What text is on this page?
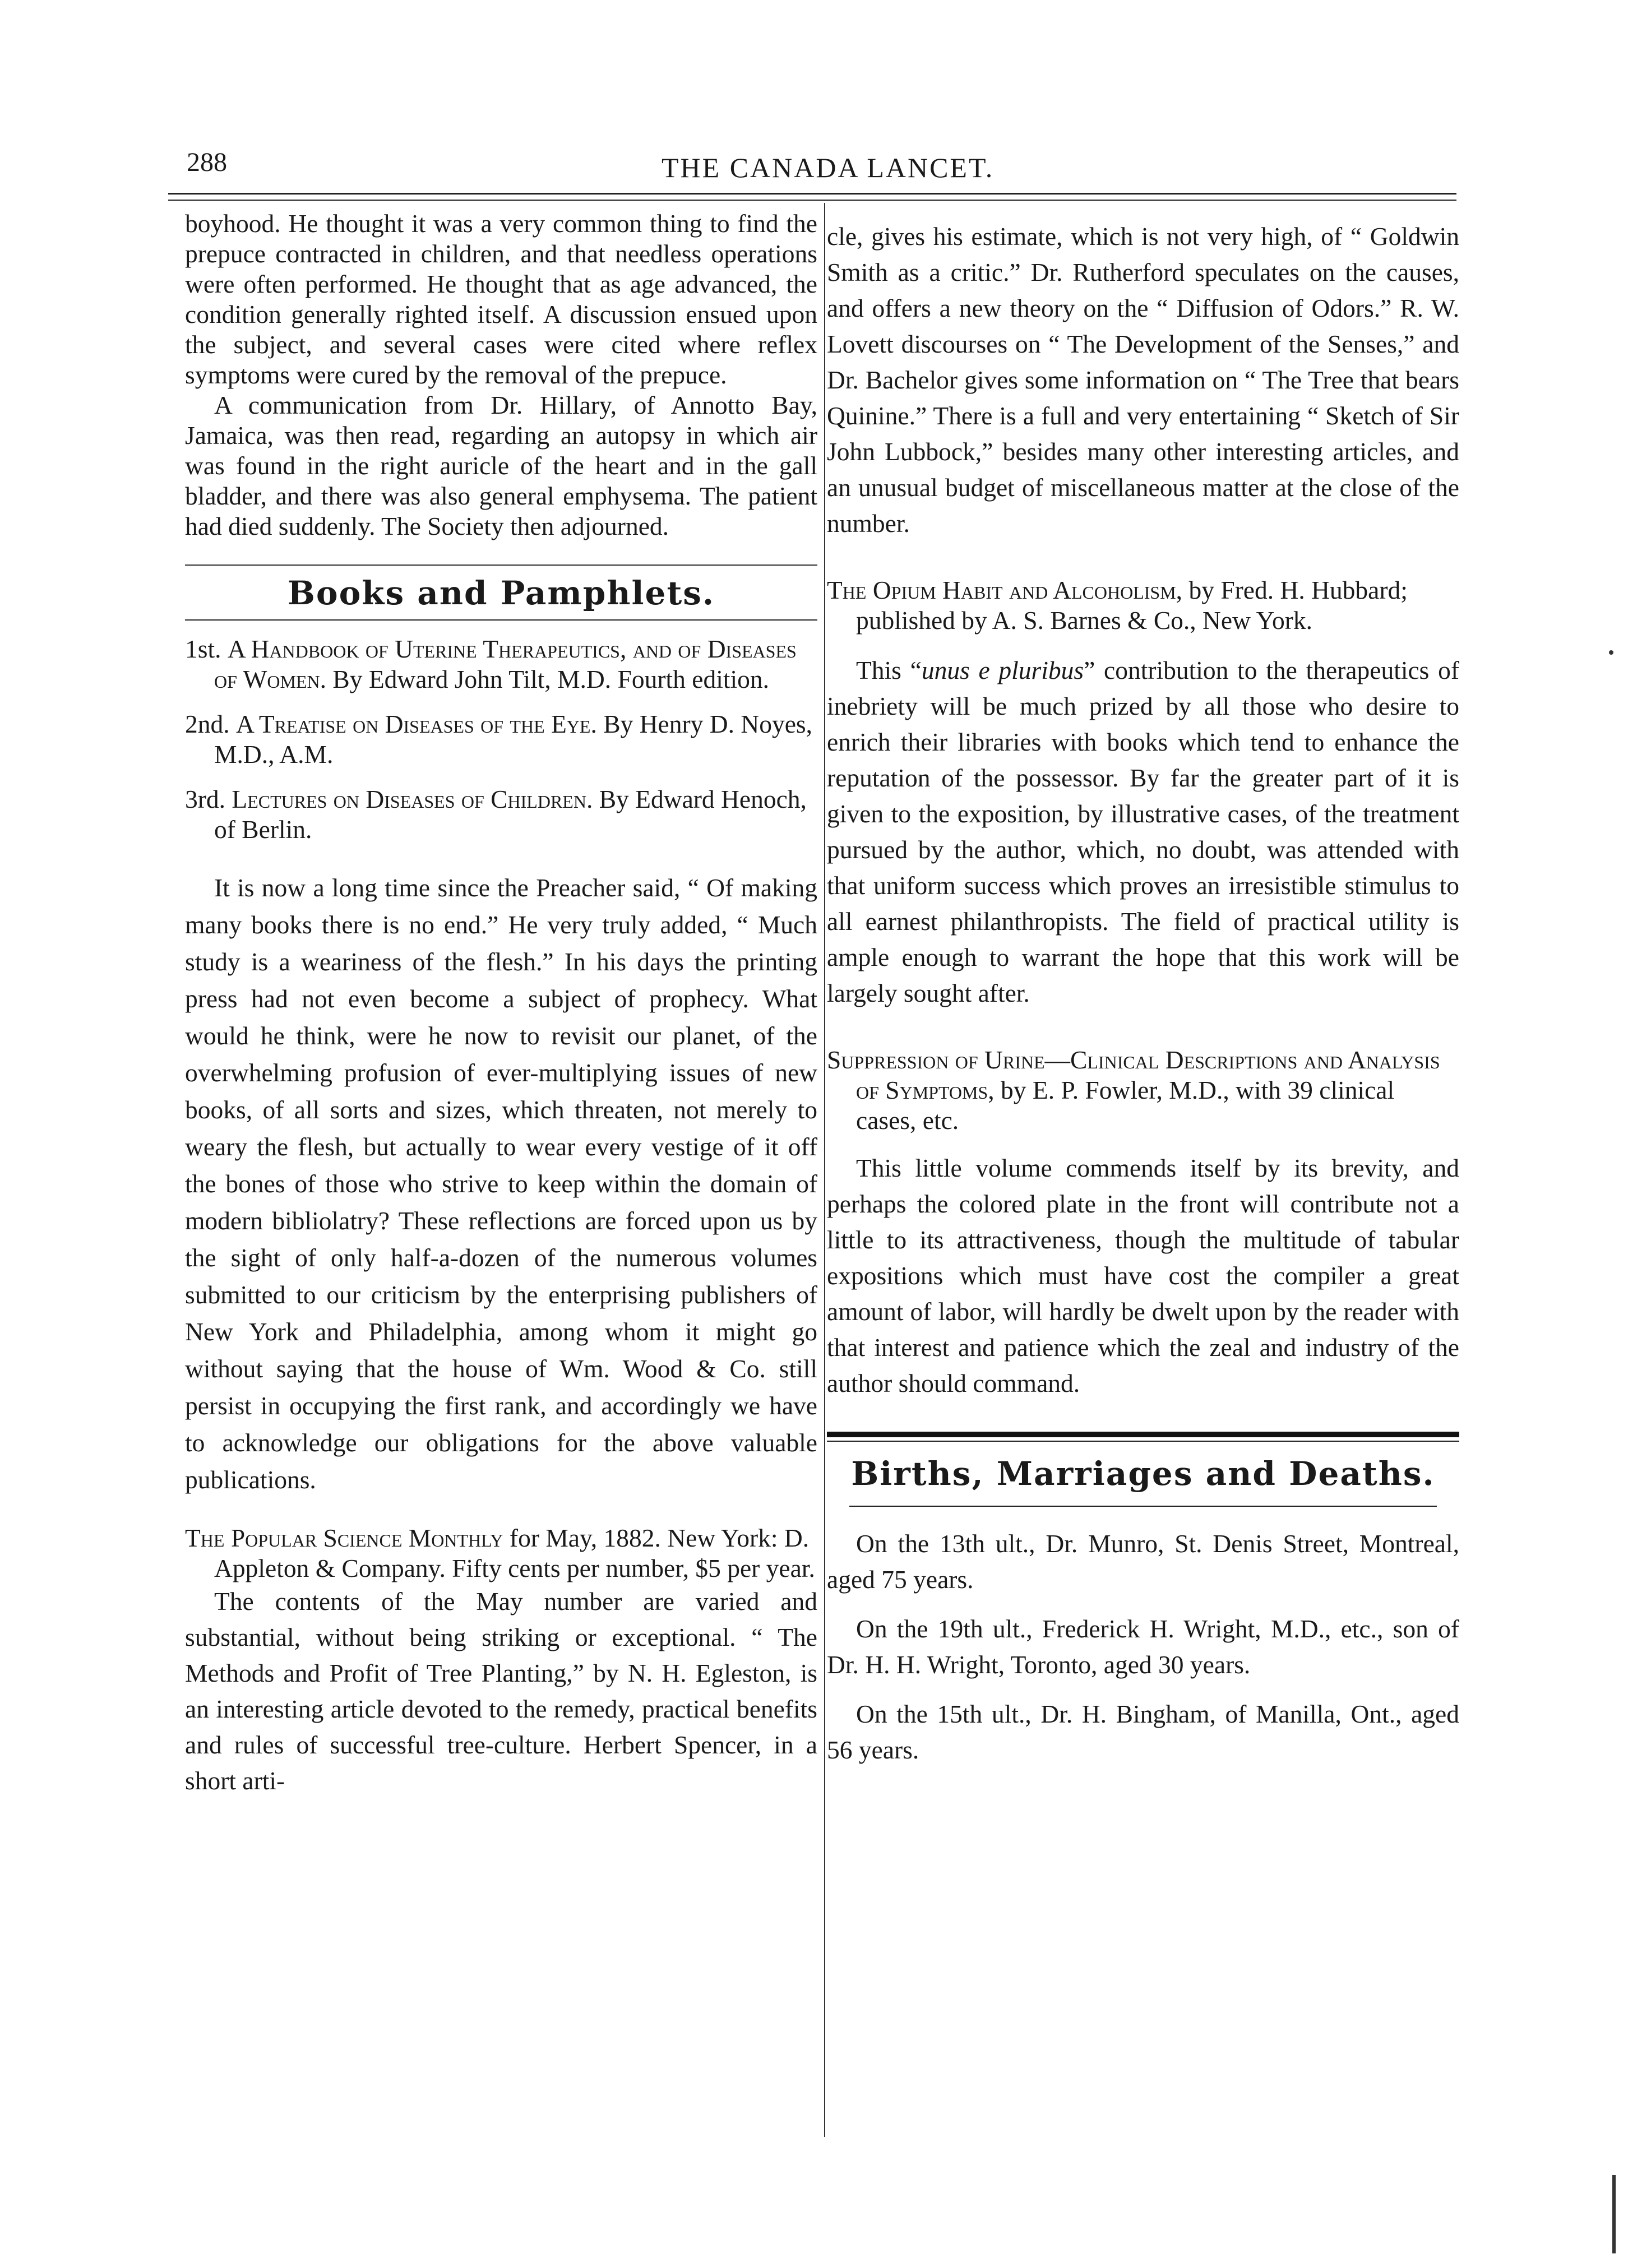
288	THE CANADA LANCET.

boyhood. He thought it was a very common thing to find the prepuce contracted in children, and that needless operations were often performed. He thought that as age advanced, the condition generally righted itself. A discussion ensued upon the subject, and several cases were cited where reflex symptoms were cured by the removal of the prepuce.

A communication from Dr. Hillary, of Annotto Bay, Jamaica, was then read, regarding an autopsy in which air was found in the right auricle of the heart and in the gall bladder, and there was also general emphysema. The patient had died suddenly. The Society then adjourned.

Books and Pamphlets.

1st. A Handbook of Uterine Therapeutics, and of Diseases of Women. By Edward John Tilt, M.D. Fourth edition.

2nd. A Treatise on Diseases of the Eye. By Henry D. Noyes, M.D., A.M.

3rd. Lectures on Diseases of Children. By Edward Henoch, of Berlin.

It is now a long time since the Preacher said, “ Of making many books there is no end.” He very truly added, “ Much study is a weariness of the flesh.” In his days the printing press had not even become a subject of prophecy. What would he think, were he now to revisit our planet, of the overwhelming profusion of ever-multiplying issues of new books, of all sorts and sizes, which threaten, not merely to weary the flesh, but actually to wear every vestige of it off the bones of those who strive to keep within the domain of modern bibliolatry? These reflections are forced upon us by the sight of only half-a-dozen of the numerous volumes submitted to our criticism by the enterprising publishers of New York and Philadelphia, among whom it might go without saying that the house of Wm. Wood & Co. still persist in occupying the first rank, and accordingly we have to acknowledge our obligations for the above valuable publications.

The Popular Science Monthly for May, 1882. New York: D. Appleton & Company. Fifty cents per number, $5 per year.

The contents of the May number are varied and substantial, without being striking or exceptional. “ The Methods and Profit of Tree Planting,” by N. H. Egleston, is an interesting article devoted to the remedy, practical benefits and rules of successful tree-culture. Herbert Spencer, in a short arti-

cle, gives his estimate, which is not very high, of “ Goldwin Smith as a critic.” Dr. Rutherford speculates on the causes, and offers a new theory on the “ Diffusion of Odors.” R. W. Lovett discourses on “ The Development of the Senses,” and Dr. Bachelor gives some information on “ The Tree that bears Quinine.” There is a full and very entertaining “ Sketch of Sir John Lubbock,” besides many other interesting articles, and an unusual budget of miscellaneous matter at the close of the number.

The Opium Habit and Alcoholism, by Fred. H. Hubbard; published by A. S. Barnes & Co., New York.

This “unus e pluribus” contribution to the therapeutics of inebriety will be much prized by all those who desire to enrich their libraries with books which tend to enhance the reputation of the possessor. By far the greater part of it is given to the exposition, by illustrative cases, of the treatment pursued by the author, which, no doubt, was attended with that uniform success which proves an irresistible stimulus to all earnest philanthropists. The field of practical utility is ample enough to warrant the hope that this work will be largely sought after.

Suppression of Urine—Clinical Descriptions and Analysis of Symptoms, by E. P. Fowler, M.D., with 39 clinical cases, etc.

This little volume commends itself by its brevity, and perhaps the colored plate in the front will contribute not a little to its attractiveness, though the multitude of tabular expositions which must have cost the compiler a great amount of labor, will hardly be dwelt upon by the reader with that interest and patience which the zeal and industry of the author should command.

Births, Marriages and Deaths.

On the 13th ult., Dr. Munro, St. Denis Street, Montreal, aged 75 years.

On the 19th ult., Frederick H. Wright, M.D., etc., son of Dr. H. H. Wright, Toronto, aged 30 years.

On the 15th ult., Dr. H. Bingham, of Manilla, Ont., aged 56 years.
